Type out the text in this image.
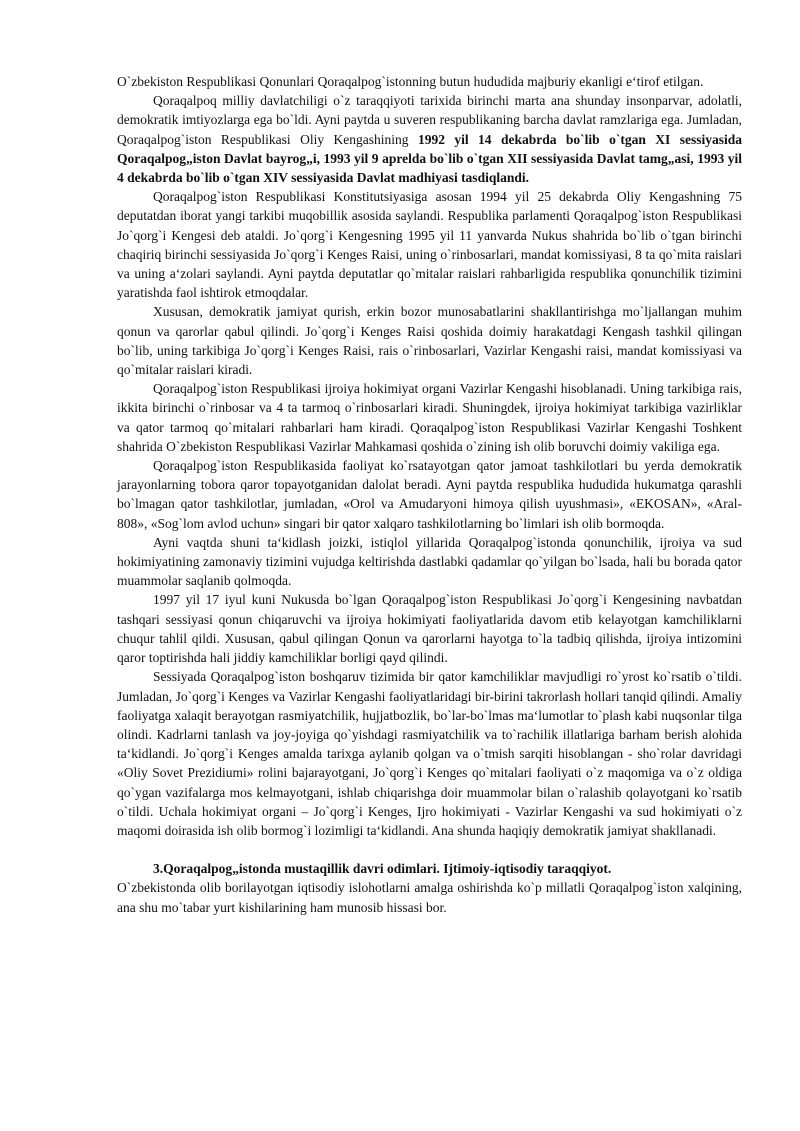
O`zbekiston Respublikasi Qonunlari Qoraqalpog`istonning butun hududida majburiy ekanligi e‘tirof etilgan.

Qoraqalpoq milliy davlatchiligi o`z taraqqiyoti tarixida birinchi marta ana shunday insonparvar, adolatli, demokratik imtiyozlarga ega bo`ldi. Ayni paytda u suveren respublikaning barcha davlat ramzlariga ega. Jumladan, Qoraqalpog`iston Respublikasi Oliy Kengashining 1992 yil 14 dekabrda bo`lib o`tgan XI sessiyasida Qoraqalpog„iston Davlat bayrog„i, 1993 yil 9 aprelda bo`lib o`tgan XII sessiyasida Davlat tamg„asi, 1993 yil 4 dekabrda bo`lib o`tgan XIV sessiyasida Davlat madhiyasi tasdiqlandi.

Qoraqalpog`iston Respublikasi Konstitutsiyasiga asosan 1994 yil 25 dekabrda Oliy Kengashning 75 deputatdan iborat yangi tarkibi muqobillik asosida saylandi. Respublika parlamenti Qoraqalpog`iston Respublikasi Jo`qorg`i Kengesi deb ataldi. Jo`qorg`i Kengesning 1995 yil 11 yanvarda Nukus shahrida bo`lib o`tgan birinchi chaqiriq birinchi sessiyasida Jo`qorg`i Kenges Raisi, uning o`rinbosarlari, mandat komissiyasi, 8 ta qo`mita raislari va uning a‘zolari saylandi. Ayni paytda deputatlar qo`mitalar raislari rahbarligida respublika qonunchilik tizimini yaratishda faol ishtirok etmoqdalar.

Xususan, demokratik jamiyat qurish, erkin bozor munosabatlarini shakllantirishga mo`ljallangan muhim qonun va qarorlar qabul qilindi. Jo`qorg`i Kenges Raisi qoshida doimiy harakatdagi Kengash tashkil qilingan bo`lib, uning tarkibiga Jo`qorg`i Kenges Raisi, rais o`rinbosarlari, Vazirlar Kengashi raisi, mandat komissiyasi va qo`mitalar raislari kiradi.

Qoraqalpog`iston Respublikasi ijroiya hokimiyat organi Vazirlar Kengashi hisoblanadi. Uning tarkibiga rais, ikkita birinchi o`rinbosar va 4 ta tarmoq o`rinbosarlari kiradi. Shuningdek, ijroiya hokimiyat tarkibiga vazirliklar va qator tarmoq qo`mitalari rahbarlari ham kiradi. Qoraqalpog`iston Respublikasi Vazirlar Kengashi Toshkent shahrida O`zbekiston Respublikasi Vazirlar Mahkamasi qoshida o`zining ish olib boruvchi doimiy vakiliga ega.

Qoraqalpog`iston Respublikasida faoliyat ko`rsatayotgan qator jamoat tashkilotlari bu yerda demokratik jarayonlarning tobora qaror topayotganidan dalolat beradi. Ayni paytda respublika hududida hukumatga qarashli bo`lmagan qator tashkilotlar, jumladan, «Orol va Amudaryoni himoya qilish uyushmasi», «EKOSAN», «Aral-808», «Sog`lom avlod uchun» singari bir qator xalqaro tashkilotlarning bo`limlari ish olib bormoqda.

Ayni vaqtda shuni ta‘kidlash joizki, istiqlol yillarida Qoraqalpog`istonda qonunchilik, ijroiya va sud hokimiyatining zamonaviy tizimini vujudga keltirishda dastlabki qadamlar qo`yilgan bo`lsada, hali bu borada qator muammolar saqlanib qolmoqda.

1997 yil 17 iyul kuni Nukusda bo`lgan Qoraqalpog`iston Respublikasi Jo`qorg`i Kengesining navbatdan tashqari sessiyasi qonun chiqaruvchi va ijroiya hokimiyati faoliyatlarida davom etib kelayotgan kamchiliklarni chuqur tahlil qildi. Xususan, qabul qilingan Qonun va qarorlarni hayotga to`la tadbiq qilishda, ijroiya intizomini qaror toptirishda hali jiddiy kamchiliklar borligi qayd qilindi.

Sessiyada Qoraqalpog`iston boshqaruv tizimida bir qator kamchiliklar mavjudligi ro`yrost ko`rsatib o`tildi. Jumladan, Jo`qorg`i Kenges va Vazirlar Kengashi faoliyatlaridagi bir-birini takrorlash hollari tanqid qilindi. Amaliy faoliyatga xalaqit berayotgan rasmiyatchilik, hujjatbozlik, bo`lar-bo`lmas ma‘lumotlar to`plash kabi nuqsonlar tilga olindi. Kadrlarni tanlash va joy-joyiga qo`yishdagi rasmiyatchilik va to`rachilik illatlariga barham berish alohida ta‘kidlandi. Jo`qorg`i Kenges amalda tarixga aylanib qolgan va o`tmish sarqiti hisoblangan - sho`rolar davridagi «Oliy Sovet Prezidiumi» rolini bajarayotgani, Jo`qorg`i Kenges qo`mitalari faoliyati o`z maqomiga va o`z oldiga qo`ygan vazifalarga mos kelmayotgani, ishlab chiqarishga doir muammolar bilan o`ralashib qolayotgani ko`rsatib o`tildi. Uchala hokimiyat organi – Jo`qorg`i Kenges, Ijro hokimiyati - Vazirlar Kengashi va sud hokimiyati o`z maqomi doirasida ish olib bormog`i lozimligi ta‘kidlandi. Ana shunda haqiqiy demokratik jamiyat shakllanadi.

3.Qoraqalpog„istonda mustaqillik davri odimlari. Ijtimoiy-iqtisodiy taraqqiyot.

O`zbekistonda olib borilayotgan iqtisodiy islohotlarni amalga oshirishda ko`p millatli Qoraqalpog`iston xalqining, ana shu mo`tabar yurt kishilarining ham munosib hissasi bor.
